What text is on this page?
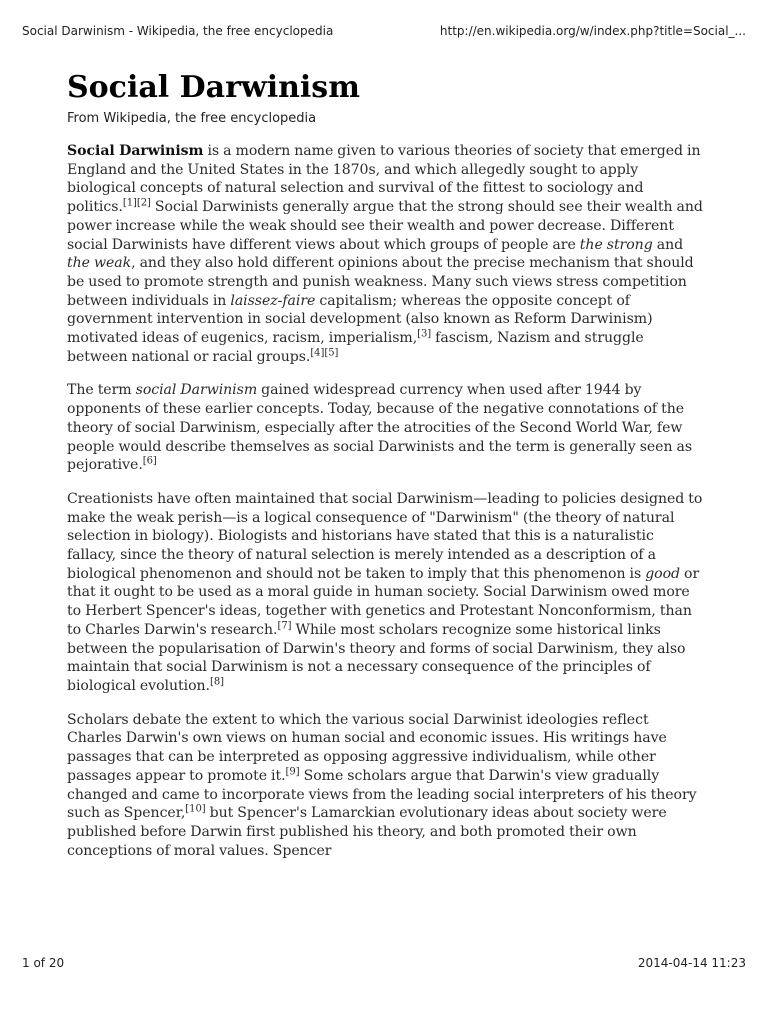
Social Darwinism - Wikipedia, the free encyclopedia	http://en.wikipedia.org/w/index.php?title=Social_...
Social Darwinism
From Wikipedia, the free encyclopedia

Social Darwinism is a modern name given to various theories of society that emerged in England and the United States in the 1870s, and which allegedly sought to apply biological concepts of natural selection and survival of the fittest to sociology and politics.[1][2] Social Darwinists generally argue that the strong should see their wealth and power increase while the weak should see their wealth and power decrease. Different social Darwinists have different views about which groups of people are the strong and the weak, and they also hold different opinions about the precise mechanism that should be used to promote strength and punish weakness. Many such views stress competition between individuals in laissez-faire capitalism; whereas the opposite concept of government intervention in social development (also known as Reform Darwinism) motivated ideas of eugenics, racism, imperialism,[3] fascism, Nazism and struggle between national or racial groups.[4][5]

The term social Darwinism gained widespread currency when used after 1944 by opponents of these earlier concepts. Today, because of the negative connotations of the theory of social Darwinism, especially after the atrocities of the Second World War, few people would describe themselves as social Darwinists and the term is generally seen as pejorative.[6]

Creationists have often maintained that social Darwinism—leading to policies designed to make the weak perish—is a logical consequence of "Darwinism" (the theory of natural selection in biology). Biologists and historians have stated that this is a naturalistic fallacy, since the theory of natural selection is merely intended as a description of a biological phenomenon and should not be taken to imply that this phenomenon is good or that it ought to be used as a moral guide in human society. Social Darwinism owed more to Herbert Spencer's ideas, together with genetics and Protestant Nonconformism, than to Charles Darwin's research.[7] While most scholars recognize some historical links between the popularisation of Darwin's theory and forms of social Darwinism, they also maintain that social Darwinism is not a necessary consequence of the principles of biological evolution.[8]

Scholars debate the extent to which the various social Darwinist ideologies reflect Charles Darwin's own views on human social and economic issues. His writings have passages that can be interpreted as opposing aggressive individualism, while other passages appear to promote it.[9] Some scholars argue that Darwin's view gradually changed and came to incorporate views from the leading social interpreters of his theory such as Spencer,[10] but Spencer's Lamarckian evolutionary ideas about society were published before Darwin first published his theory, and both promoted their own conceptions of moral values. Spencer

1 of 20	2014-04-14 11:23
